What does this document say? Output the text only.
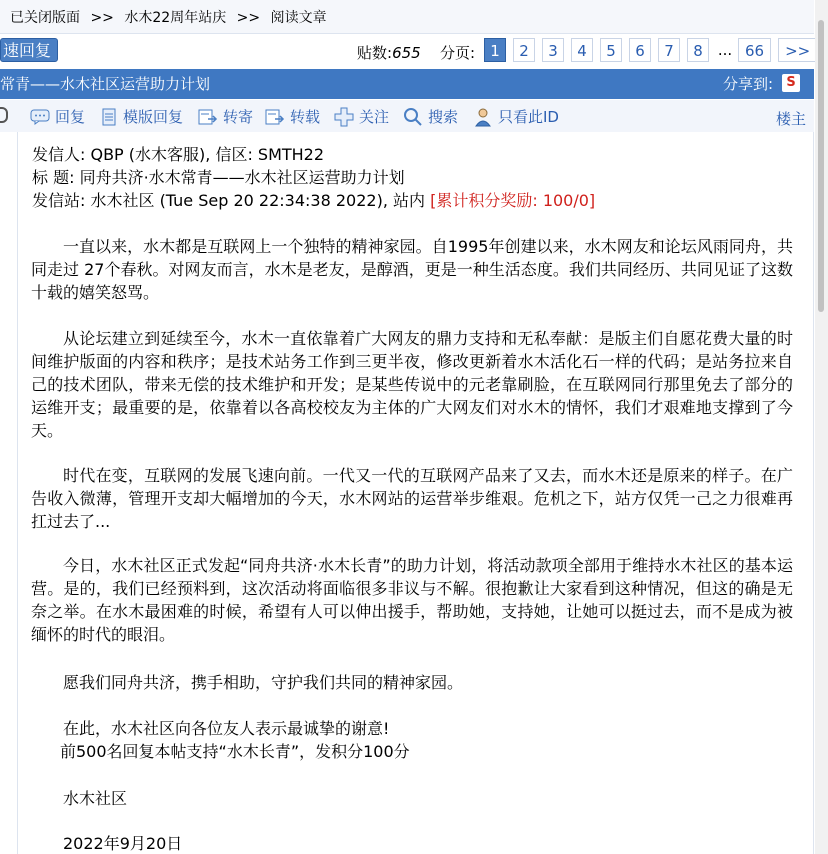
已关闭版面 >> 水木22周年站庆 >> 阅读文章
速回复	贴数:655 分页:	1	2	3	4	5	6	7	8	... 66	>>
常青——水木社区运营助力计划	分享到:	S
回复	模版回复	转寄 转载	关注	搜索	只看此ID	楼主
发信人: QBP (水木客服), 信区: SMTH22
标 题: 同舟共济·水木常青——水木社区运营助力计划
发信站: 水木社区 (Tue Sep 20 22:34:38 2022), 站内 [累计积分奖励: 100/0]
一直以来，水木都是互联网上一个独特的精神家园。自1995年创建以来，水木网友和论坛风雨同舟，共同走过 27个春秋。对网友而言，水木是老友，是醇酒，更是一种生活态度。我们共同经历、共同见证了这数十载的嬉笑怒骂。
从论坛建立到延续至今，水木一直依靠着广大网友的鼎力支持和无私奉献：是版主们自愿花费大量的时间维护版面的内容和秩序；是技术站务工作到三更半夜，修改更新着水木活化石一样的代码；是站务拉来自己的技术团队，带来无偿的技术维护和开发；是某些传说中的元老靠刷脸，在互联网同行那里免去了部分的运维开支；最重要的是，依靠着以各高校校友为主体的广大网友们对水木的情怀，我们才艰难地支撑到了今天。
时代在变，互联网的发展飞速向前。一代又一代的互联网产品来了又去，而水木还是原来的样子。在广告收入微薄，管理开支却大幅增加的今天，水木网站的运营举步维艰。危机之下，站方仅凭一己之力很难再扛过去了...
今日，水木社区正式发起“同舟共济·水木长青”的助力计划，将活动款项全部用于维持水木社区的基本运营。是的，我们已经预料到，这次活动将面临很多非议与不解。很抱歉让大家看到这种情况，但这的确是无奈之举。在水木最困难的时候，希望有人可以伸出援手，帮助她，支持她，让她可以挺过去，而不是成为被缅怀的时代的眼泪。
愿我们同舟共济，携手相助，守护我们共同的精神家园。
在此，水木社区向各位友人表示最诚挚的谢意!
前500名回复本帖支持“水木长青”，发积分100分
水木社区
2022年9月20日
